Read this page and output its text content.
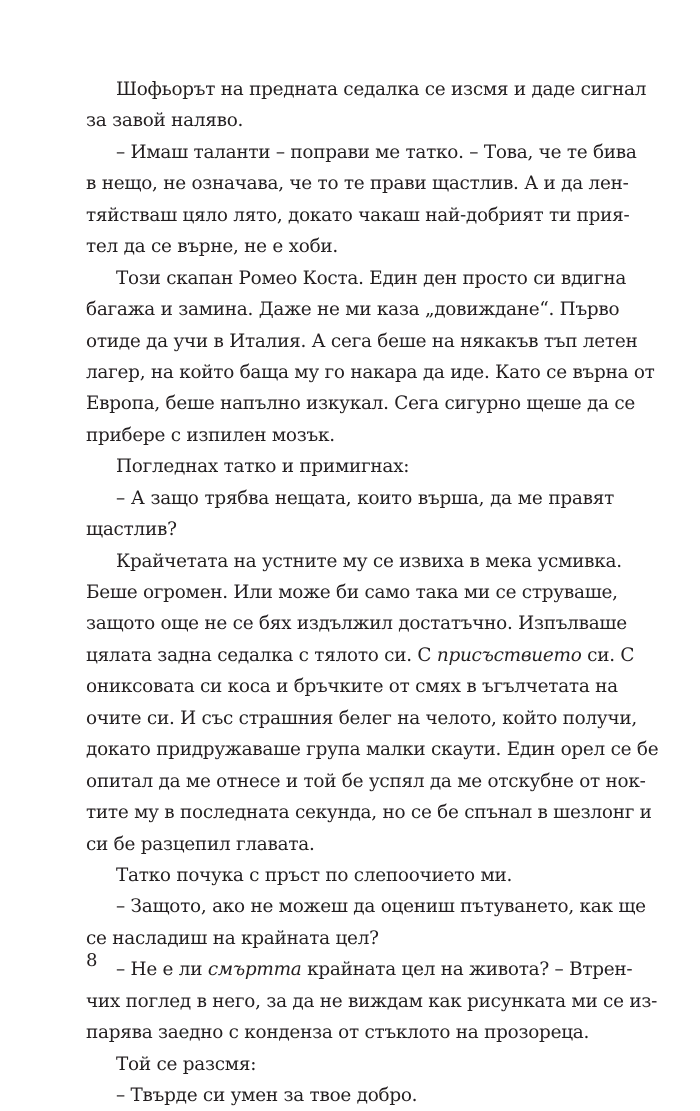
Шофьорът на предната седалка се изсмя и даде сигнал
за завой наляво.
– Имаш таланти – поправи ме татко. – Това, че те бива
в нещо, не означава, че то те прави щастлив. А и да лен-
тяйстваш цяло лято, докато чакаш най-добрият ти прия-
тел да се върне, не е хоби.
Този скапан Ромео Коста. Един ден просто си вдигна
багажа и замина. Даже не ми каза „довиждане“. Първо
отиде да учи в Италия. А сега беше на някакъв тъп летен
лагер, на който баща му го накара да иде. Като се върна от
Европа, беше напълно изкукал. Сега сигурно щеше да се
прибере с изпилен мозък.
Погледнах татко и примигнах:
– А защо трябва нещата, които върша, да ме правят
щастлив?
Крайчетата на устните му се извиха в мека усмивка.
Беше огромен. Или може би само така ми се струваше,
защото още не се бях издължил достатъчно. Изпълваше
цялата задна седалка с тялото си. С присъствието си. С
ониксовата си коса и бръчките от смях в ъгълчетата на
очите си. И със страшния белег на челото, който получи,
докато придружаваше група малки скаути. Един орел се бе
опитал да ме отнесе и той бе успял да ме отскубне от нок-
тите му в последната секунда, но се бе спънал в шезлонг и
си бе разцепил главата.
Татко почука с пръст по слепоочието ми.
– Защото, ако не можеш да оцениш пътуването, как ще
се насладиш на крайната цел?
– Не е ли смъртта крайната цел на живота? – Втрен-
чих поглед в него, за да не виждам как рисунката ми се из-
парява заедно с конденза от стъклото на прозореца.
Той се разсмя:
– Твърде си умен за твое добро.
8
